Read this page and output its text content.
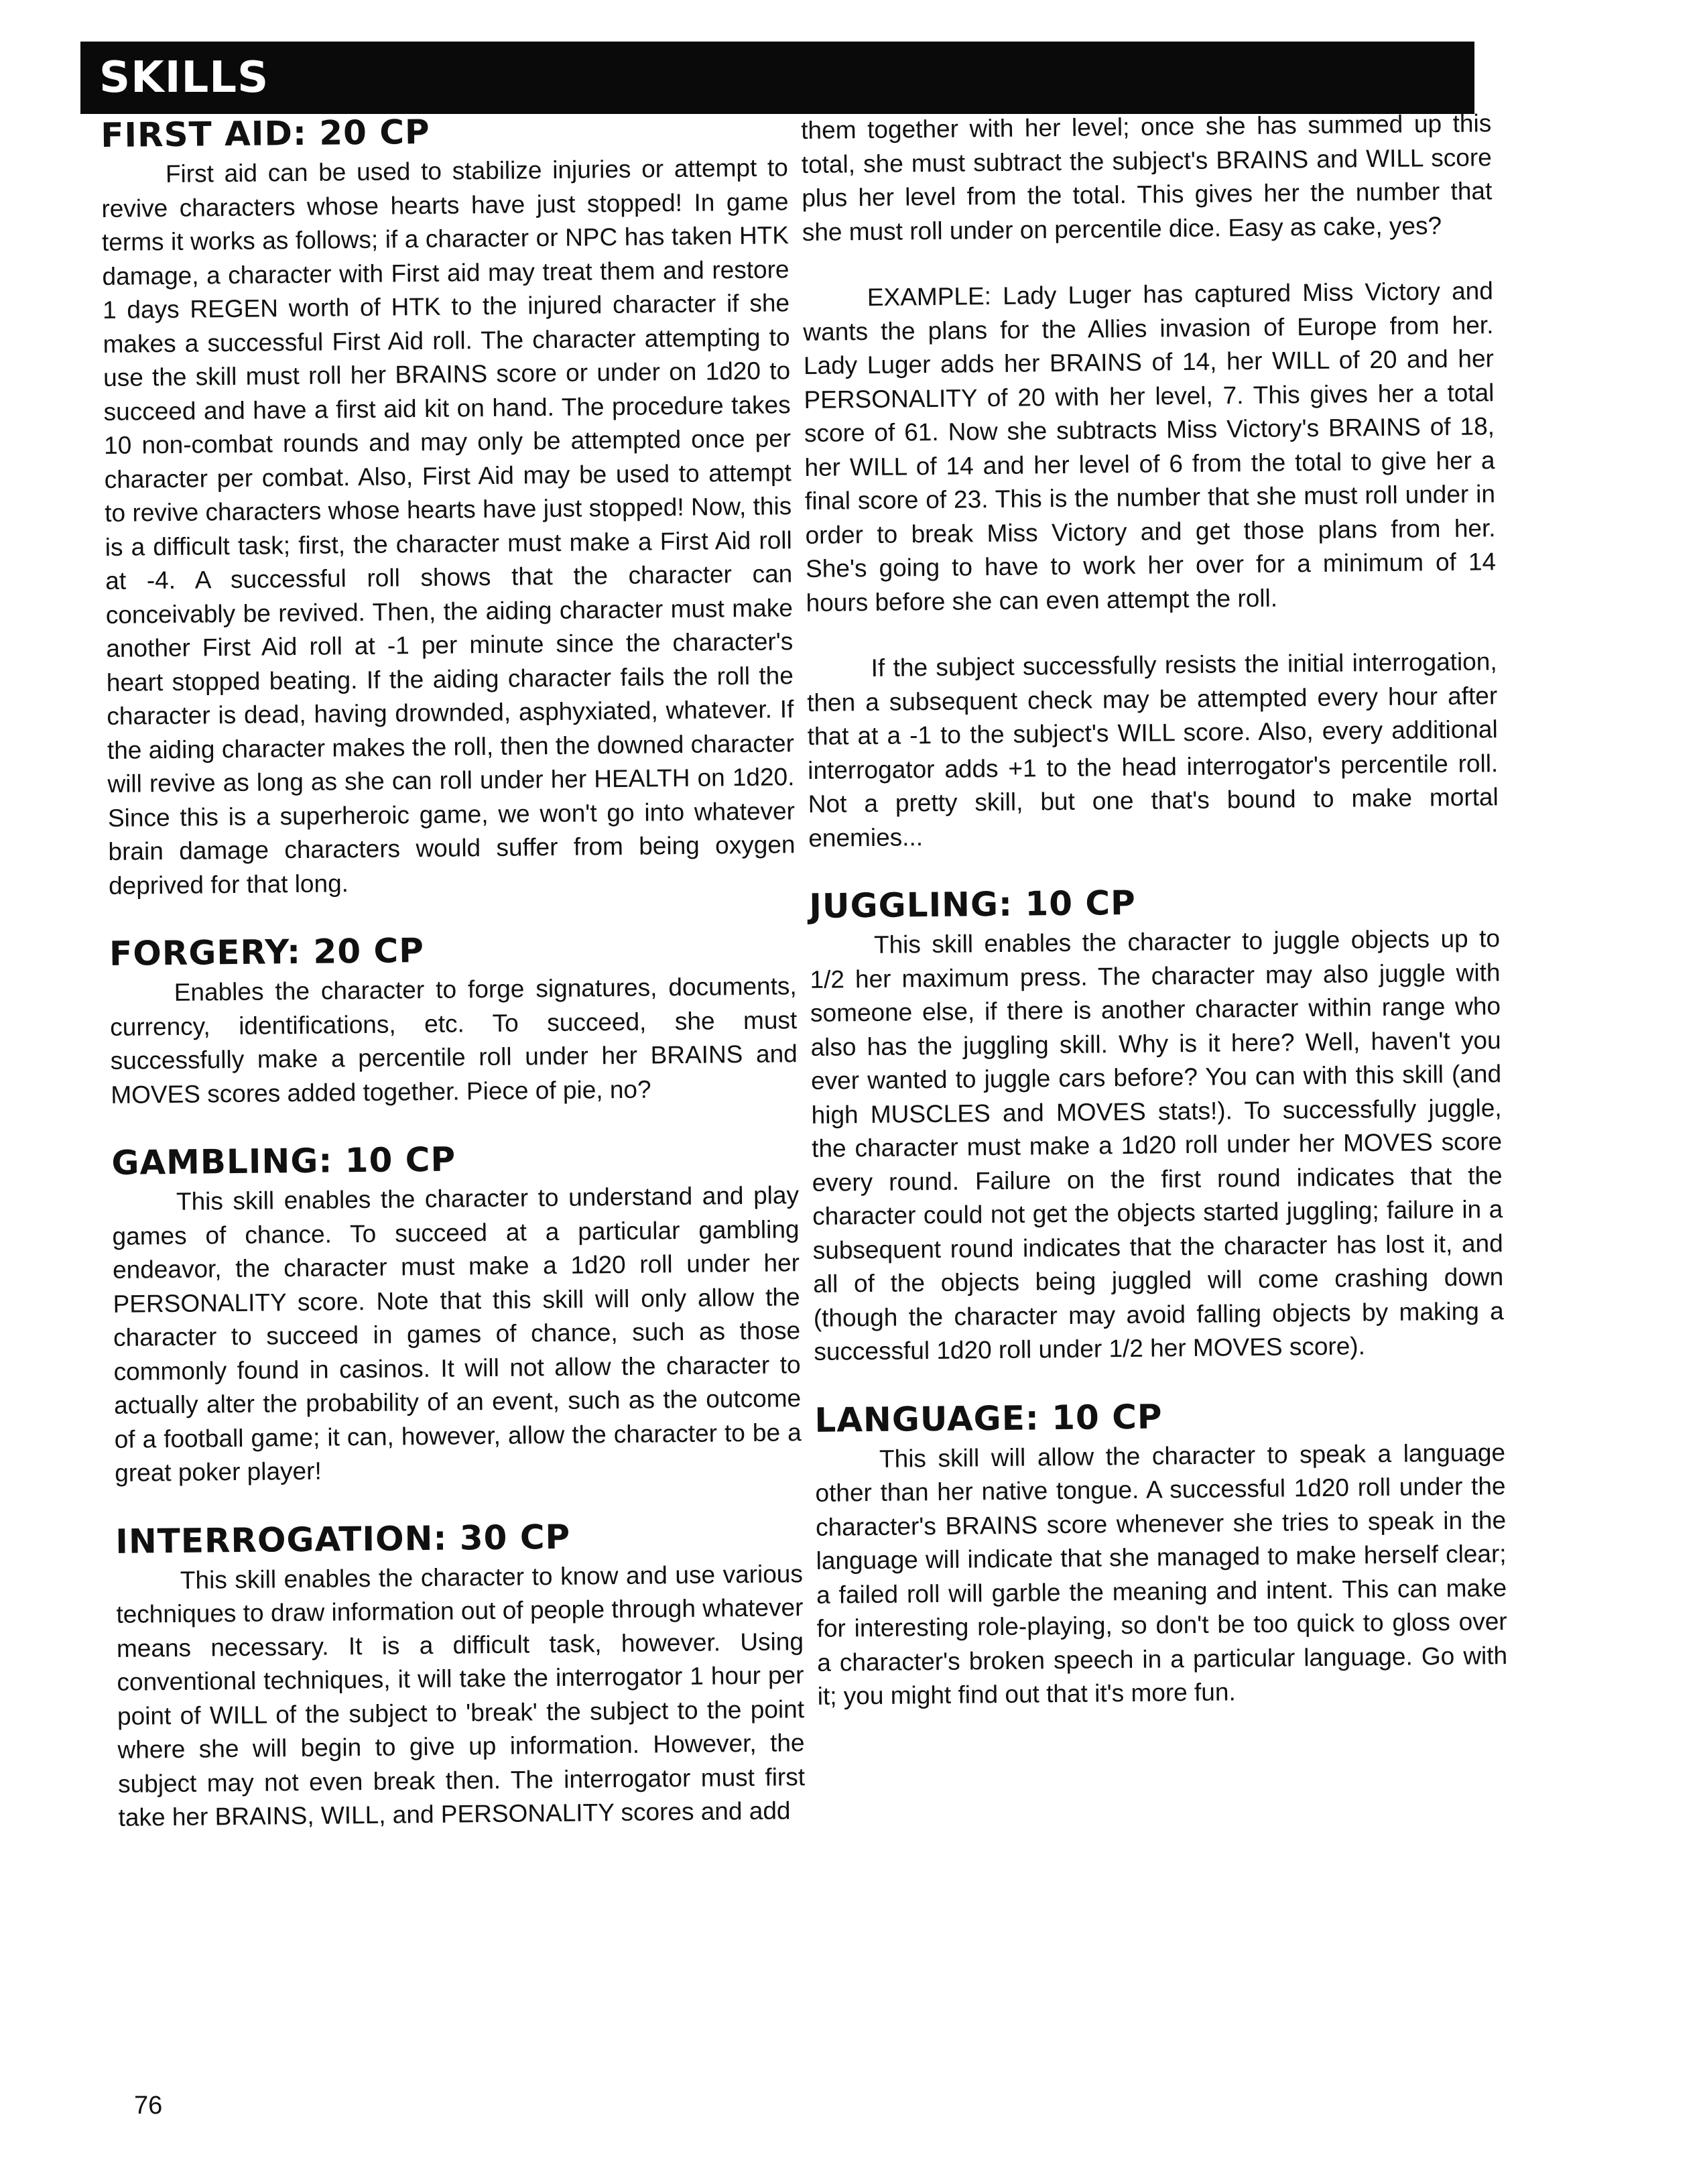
SKILLS
FIRST AID: 20 CP

First aid can be used to stabilize injuries or attempt to revive characters whose hearts have just stopped! In game terms it works as follows; if a character or NPC has taken HTK damage, a character with First aid may treat them and restore 1 days REGEN worth of HTK to the injured character if she makes a successful First Aid roll. The character attempting to use the skill must roll her BRAINS score or under on 1d20 to succeed and have a first aid kit on hand. The procedure takes 10 non-combat rounds and may only be attempted once per character per combat. Also, First Aid may be used to attempt to revive characters whose hearts have just stopped! Now, this is a difficult task; first, the character must make a First Aid roll at -4. A successful roll shows that the character can conceivably be revived. Then, the aiding character must make another First Aid roll at -1 per minute since the character's heart stopped beating. If the aiding character fails the roll the character is dead, having drownded, asphyxiated, whatever. If the aiding character makes the roll, then the downed character will revive as long as she can roll under her HEALTH on 1d20. Since this is a superheroic game, we won't go into whatever brain damage characters would suffer from being oxygen deprived for that long.

FORGERY: 20 CP

Enables the character to forge signatures, documents, currency, identifications, etc. To succeed, she must successfully make a percentile roll under her BRAINS and MOVES scores added together. Piece of pie, no?

GAMBLING: 10 CP

This skill enables the character to understand and play games of chance. To succeed at a particular gambling endeavor, the character must make a 1d20 roll under her PERSONALITY score. Note that this skill will only allow the character to succeed in games of chance, such as those commonly found in casinos. It will not allow the character to actually alter the probability of an event, such as the outcome of a football game; it can, however, allow the character to be a great poker player!

INTERROGATION: 30 CP

This skill enables the character to know and use various techniques to draw information out of people through whatever means necessary. It is a difficult task, however. Using conventional techniques, it will take the interrogator 1 hour per point of WILL of the subject to 'break' the subject to the point where she will begin to give up information. However, the subject may not even break then. The interrogator must first take her BRAINS, WILL, and PERSONALITY scores and add

them together with her level; once she has summed up this total, she must subtract the subject's BRAINS and WILL score plus her level from the total. This gives her the number that she must roll under on percentile dice. Easy as cake, yes?

EXAMPLE: Lady Luger has captured Miss Victory and wants the plans for the Allies invasion of Europe from her. Lady Luger adds her BRAINS of 14, her WILL of 20 and her PERSONALITY of 20 with her level, 7. This gives her a total score of 61. Now she subtracts Miss Victory's BRAINS of 18, her WILL of 14 and her level of 6 from the total to give her a final score of 23. This is the number that she must roll under in order to break Miss Victory and get those plans from her. She's going to have to work her over for a minimum of 14 hours before she can even attempt the roll.

If the subject successfully resists the initial interrogation, then a subsequent check may be attempted every hour after that at a -1 to the subject's WILL score. Also, every additional interrogator adds +1 to the head interrogator's percentile roll. Not a pretty skill, but one that's bound to make mortal enemies...

JUGGLING: 10 CP

This skill enables the character to juggle objects up to 1/2 her maximum press. The character may also juggle with someone else, if there is another character within range who also has the juggling skill. Why is it here? Well, haven't you ever wanted to juggle cars before? You can with this skill (and high MUSCLES and MOVES stats!). To successfully juggle, the character must make a 1d20 roll under her MOVES score every round. Failure on the first round indicates that the character could not get the objects started juggling; failure in a subsequent round indicates that the character has lost it, and all of the objects being juggled will come crashing down (though the character may avoid falling objects by making a successful 1d20 roll under 1/2 her MOVES score).

LANGUAGE: 10 CP

This skill will allow the character to speak a language other than her native tongue. A successful 1d20 roll under the character's BRAINS score whenever she tries to speak in the language will indicate that she managed to make herself clear; a failed roll will garble the meaning and intent. This can make for interesting role-playing, so don't be too quick to gloss over a character's broken speech in a particular language. Go with it; you might find out that it's more fun.

76
